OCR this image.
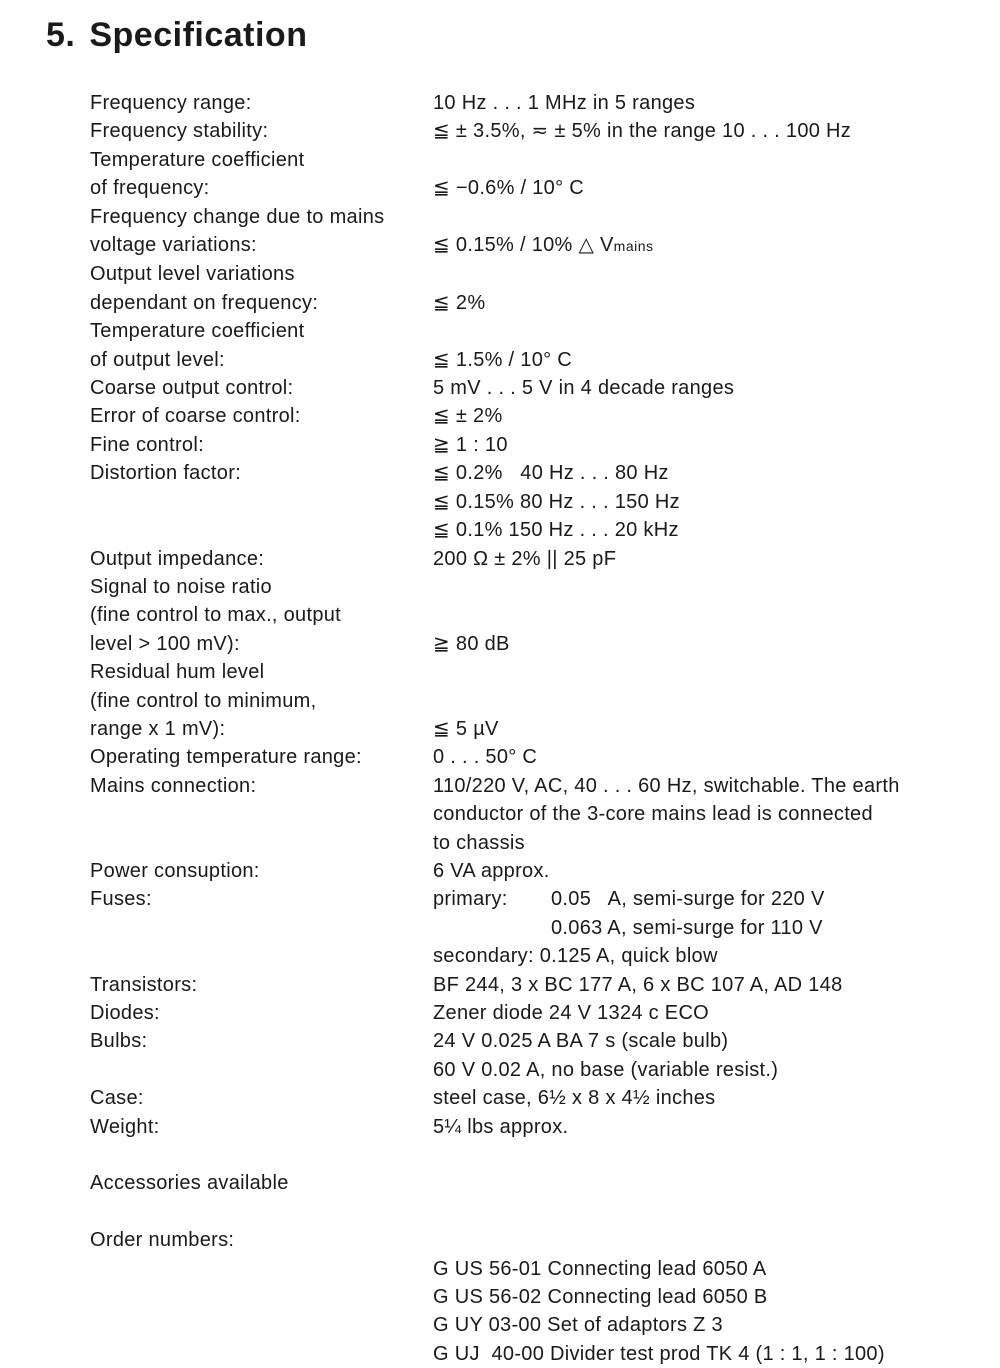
5. Specification
Frequency range:	10 Hz . . . 1 MHz in 5 ranges
Frequency stability:	≦ ± 3.5%, ≂ ± 5% in the range 10 . . . 100 Hz
Temperature coefficient
of frequency:	≦ −0.6% / 10° C
Frequency change due to mains
voltage variations:	≦ 0.15% / 10% △ Vmains
Output level variations
dependant on frequency:	≦ 2%
Temperature coefficient
of output level:	≦ 1.5% / 10° C
Coarse output control:	5 mV . . . 5 V in 4 decade ranges
Error of coarse control:	≦ ± 2%
Fine control:	≧ 1 : 10
Distortion factor:	≦ 0.2%   40 Hz . . . 80 Hz
≦ 0.15% 80 Hz . . . 150 Hz
≦ 0.1% 150 Hz . . . 20 kHz
Output impedance:	200 Ω ± 2% || 25 pF
Signal to noise ratio
(fine control to max., output
level > 100 mV):	≧ 80 dB
Residual hum level
(fine control to minimum,
range x 1 mV):	≦ 5 µV
Operating temperature range:	0 . . . 50° C
Mains connection:	110/220 V, AC, 40 . . . 60 Hz, switchable. The earth
conductor of the 3-core mains lead is connected
to chassis
Power consuption:	6 VA approx.
Fuses:	primary: 0.05   A, semi-surge for 220 V
0.063 A, semi-surge for 110 V
secondary: 0.125 A, quick blow
Transistors:	BF 244, 3 x BC 177 A, 6 x BC 107 A, AD 148
Diodes:	Zener diode 24 V 1324 c ECO
Bulbs:	24 V 0.025 A BA 7 s (scale bulb)
60 V 0.02 A, no base (variable resist.)
Case:	steel case, 6½ x 8 x 4½ inches
Weight:	5¼ lbs approx.
Accessories available
Order numbers:
G US 56-01 Connecting lead 6050 A
G US 56-02 Connecting lead 6050 B
G UY 03-00 Set of adaptors Z 3
G UJ  40-00 Divider test prod TK 4 (1 : 1, 1 : 100)
